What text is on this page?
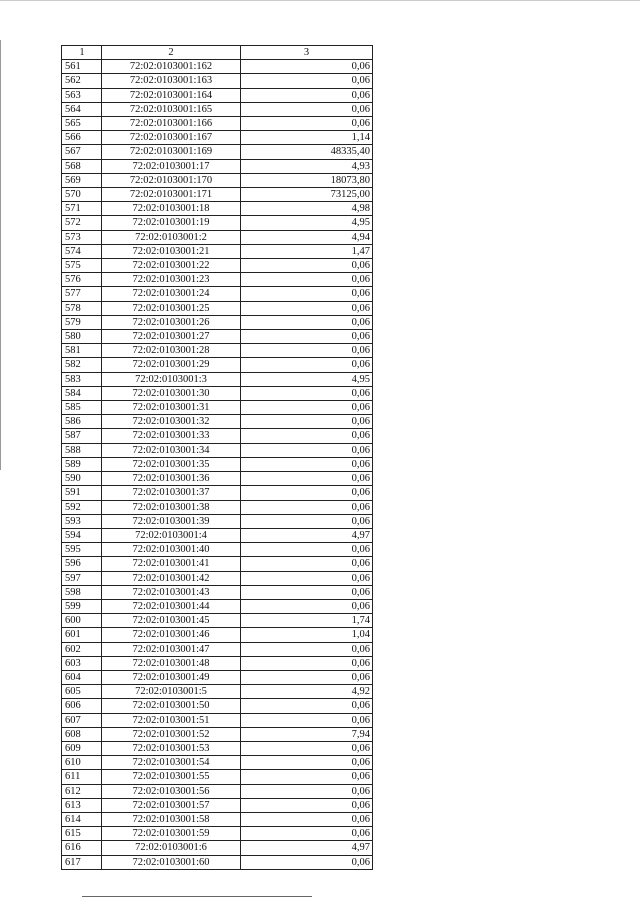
1	2	3
561	72:02:0103001:162	0,06
562	72:02:0103001:163	0,06
563	72:02:0103001:164	0,06
564	72:02:0103001:165	0,06
565	72:02:0103001:166	0,06
566	72:02:0103001:167	1,14
567	72:02:0103001:169	48335,40
568	72:02:0103001:17	4,93
569	72:02:0103001:170	18073,80
570	72:02:0103001:171	73125,00
571	72:02:0103001:18	4,98
572	72:02:0103001:19	4,95
573	72:02:0103001:2	4,94
574	72:02:0103001:21	1,47
575	72:02:0103001:22	0,06
576	72:02:0103001:23	0,06
577	72:02:0103001:24	0,06
578	72:02:0103001:25	0,06
579	72:02:0103001:26	0,06
580	72:02:0103001:27	0,06
581	72:02:0103001:28	0,06
582	72:02:0103001:29	0,06
583	72:02:0103001:3	4,95
584	72:02:0103001:30	0,06
585	72:02:0103001:31	0,06
586	72:02:0103001:32	0,06
587	72:02:0103001:33	0,06
588	72:02:0103001:34	0,06
589	72:02:0103001:35	0,06
590	72:02:0103001:36	0,06
591	72:02:0103001:37	0,06
592	72:02:0103001:38	0,06
593	72:02:0103001:39	0,06
594	72:02:0103001:4	4,97
595	72:02:0103001:40	0,06
596	72:02:0103001:41	0,06
597	72:02:0103001:42	0,06
598	72:02:0103001:43	0,06
599	72:02:0103001:44	0,06
600	72:02:0103001:45	1,74
601	72:02:0103001:46	1,04
602	72:02:0103001:47	0,06
603	72:02:0103001:48	0,06
604	72:02:0103001:49	0,06
605	72:02:0103001:5	4,92
606	72:02:0103001:50	0,06
607	72:02:0103001:51	0,06
608	72:02:0103001:52	7,94
609	72:02:0103001:53	0,06
610	72:02:0103001:54	0,06
611	72:02:0103001:55	0,06
612	72:02:0103001:56	0,06
613	72:02:0103001:57	0,06
614	72:02:0103001:58	0,06
615	72:02:0103001:59	0,06
616	72:02:0103001:6	4,97
617	72:02:0103001:60	0,06
